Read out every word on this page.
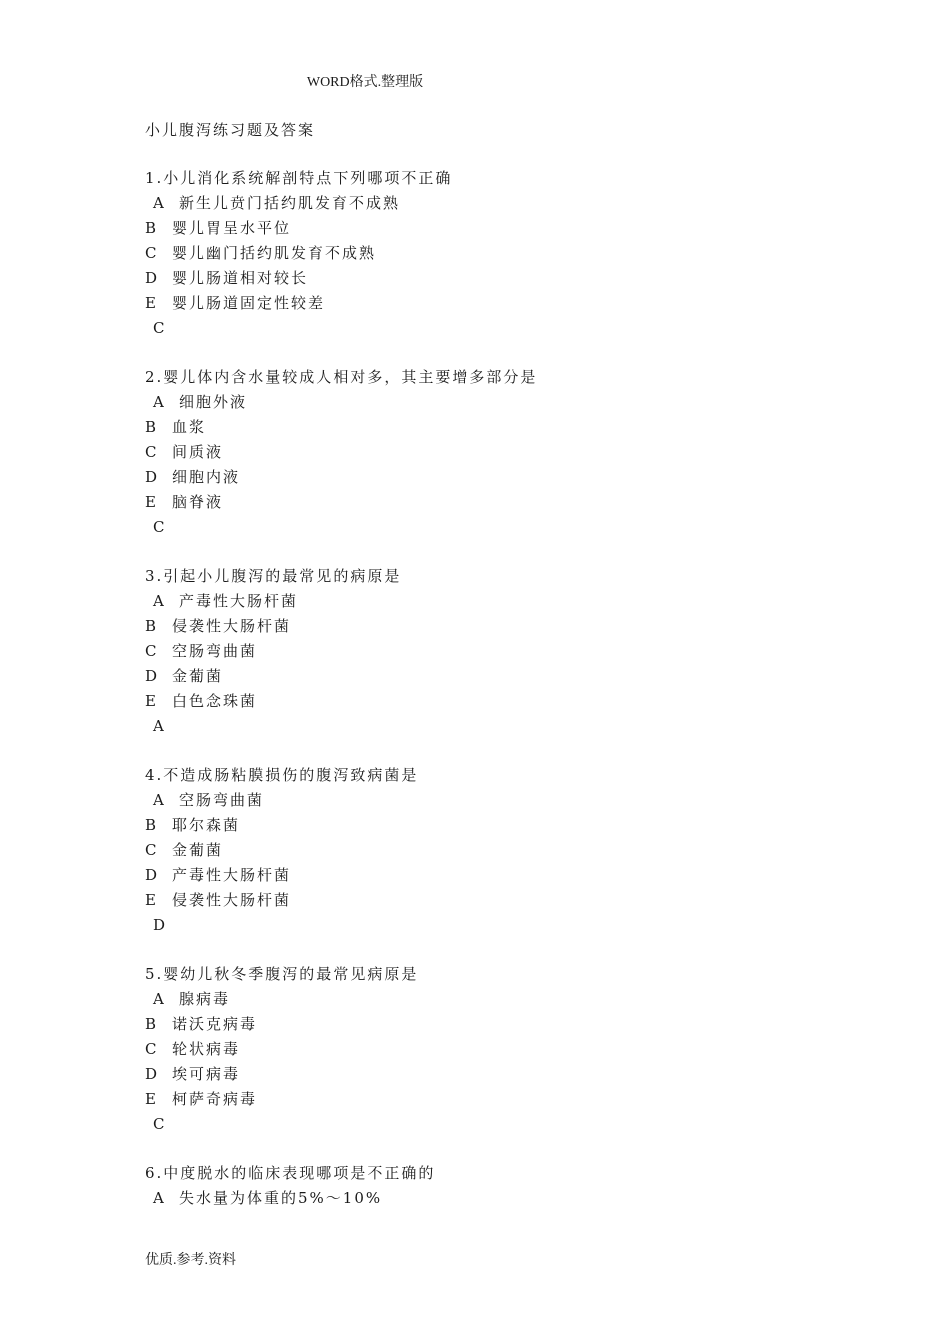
WORD格式.整理版
小儿腹泻练习题及答案
1.小儿消化系统解剖特点下列哪项不正确
A 新生儿贲门括约肌发育不成熟
B 婴儿胃呈水平位
C 婴儿幽门括约肌发育不成熟
D 婴儿肠道相对较长
E 婴儿肠道固定性较差
C
2.婴儿体内含水量较成人相对多，其主要增多部分是
A 细胞外液
B 血浆
C 间质液
D 细胞内液
E 脑脊液
C
3.引起小儿腹泻的最常见的病原是
A 产毒性大肠杆菌
B 侵袭性大肠杆菌
C 空肠弯曲菌
D 金葡菌
E 白色念珠菌
A
4.不造成肠粘膜损伤的腹泻致病菌是
A 空肠弯曲菌
B 耶尔森菌
C 金葡菌
D 产毒性大肠杆菌
E 侵袭性大肠杆菌
D
5.婴幼儿秋冬季腹泻的最常见病原是
A 腺病毒
B 诺沃克病毒
C 轮状病毒
D 埃可病毒
E 柯萨奇病毒
C
6.中度脱水的临床表现哪项是不正确的
A 失水量为体重的5%～10%
优质.参考.资料
